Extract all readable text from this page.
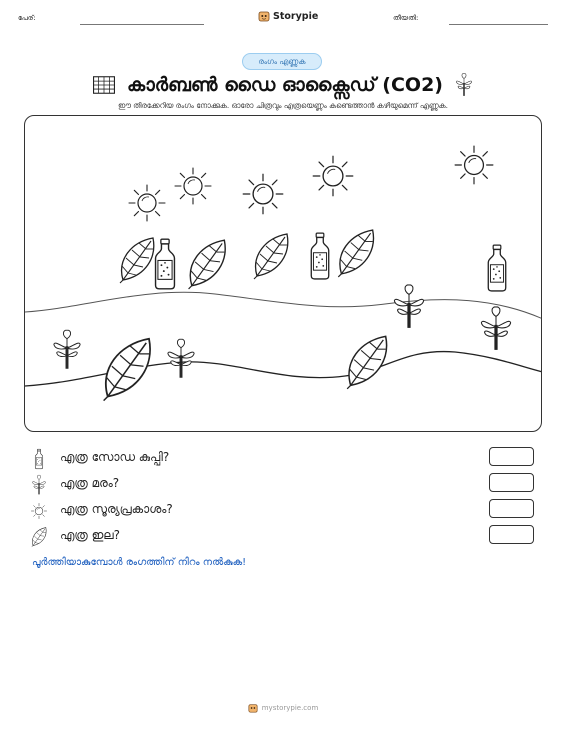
പേര്:	Storypie	തീയതി:
രംഗം എണ്ണുക
കാർബൺ ഡൈ ഓക്സൈഡ് (CO2)
ഈ തിരക്കേറിയ രംഗം നോക്കുക. ഓരോ ചിത്രവും എത്രയെണ്ണം കണ്ടെത്താൻ കഴിയുമെന്ന് എണ്ണുക.
എത്ര സോഡ കുപ്പി?
എത്ര മരം?
എത്ര സൂര്യപ്രകാശം?
എത്ര ഇല?
പൂർത്തിയാകുമ്പോൾ രംഗത്തിന് നിറം നൽകുക!
mystorypie.com
